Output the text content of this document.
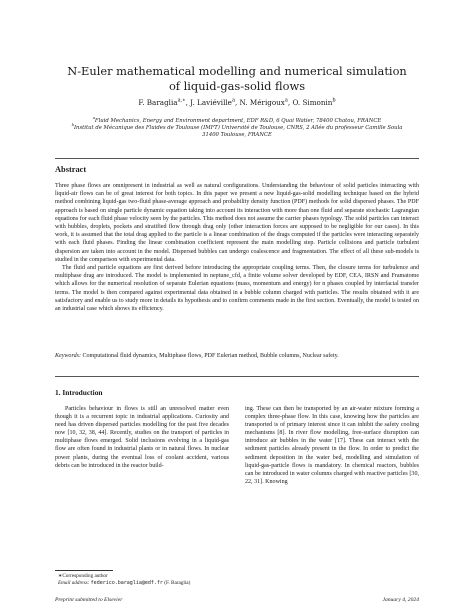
N-Euler mathematical modelling and numerical simulation of liquid-gas-solid flows
F. Baraglia$^{a,∗}$, J. Laviéville$^a$, N. Mérigoux$^a$, O. Simonin$^b$
$^a$Fluid Mechanics, Energy and Environment department, EDF R&D, 6 Quai Watier, 78400 Chatou, FRANCE
$^b$Institut de Mécanique des Fluides de Toulouse (IMFT) Université de Toulouse, CNRS, 2 Allée du professeur Camille Soula
31400 Toulouse, FRANCE
Abstract

Three phase flows are omnipresent in industrial as well as natural configurations. Understanding the behaviour of solid particles interacting with liquid-air flows can be of great interest for both topics. In this paper we present a new liquid-gas-solid modelling technique based on the hybrid method combining liquid-gas two-fluid phase-average approach and probability density function (PDF) methods for solid dispersed phases. The PDF approach is based on single particle dynamic equation taking into account its interaction with more than one fluid and separate stochastic Lagrangian equations for each fluid phase velocity seen by the particles. This method does not assume the carrier phases typology. The solid particles can interact with bubbles, droplets, pockets and stratified flow through drag only (other interaction forces are supposed to be negligible for our cases). In this work, it is assumed that the total drag applied to the particle is a linear combination of the drags computed if the particles were interacting separately with each fluid phases. Finding the linear combination coefficient represent the main modelling step. Particle collisions and particle turbulent dispersion are taken into account in the model. Dispersed bubbles can undergo coalescence and fragmentation. The effect of all these sub-models is studied in the comparison with experimental data.

The fluid and particle equations are first derived before introducing the appropriate coupling terms. Then, the closure terms for turbulence and multiphase drag are introduced. The model is implemented in neptune_cfd, a finite volume solver developed by EDF, CEA, IRSN and Framatome which allows for the numerical resolution of separate Eulerian equations (mass, momentum and energy) for n phases coupled by interfacial transfer terms. The model is then compared against experimental data obtained in a bubble column charged with particles. The results obtained with it are satisfactory and enable us to study more in details its hypothesis and to confirm comments made in the first section. Eventually, the model is tested on an industrial case which shows its efficiency.

Keywords: Computational fluid dynamics, Multiphase flows, PDF Eulerian method, Bubble columns, Nuclear safety.
1. Introduction
Particles behaviour in flows is still an unresolved matter even though it is a recurrent topic in industrial applications. Curiosity and need has driven dispersed particles modelling for the past five decades now [10, 32, 38, 44]. Recently, studies on the transport of particles in multiphase flows emerged. Solid inclusions evolving in a liquid-gas flow are often found in industrial plants or in natural flows. In nuclear power plants, during the eventual loss of coolant accident, various debris can be introduced in the reactor build-
ing. These can then be transported by an air-water mixture forming a complex three-phase flow. In this case, knowing how the particles are transported is of primary interest since it can inhibit the safety cooling mechanisms [8]. In river flow modelling, free-surface disruption can introduce air bubbles in the water [17]. These can interact with the sediment particles already present in the flow. In order to predict the sediment deposition in the water bed, modelling and simulation of liquid-gas-particle flows is mandatory. In chemical reactors, bubbles can be introduced in water columns charged with reactive particles [30, 22, 31]. Knowing
∗Corresponding author
Email address: federico.baraglia@edf.fr (F. Baraglia)
Preprint submitted to Elsevier	January 4, 2024
